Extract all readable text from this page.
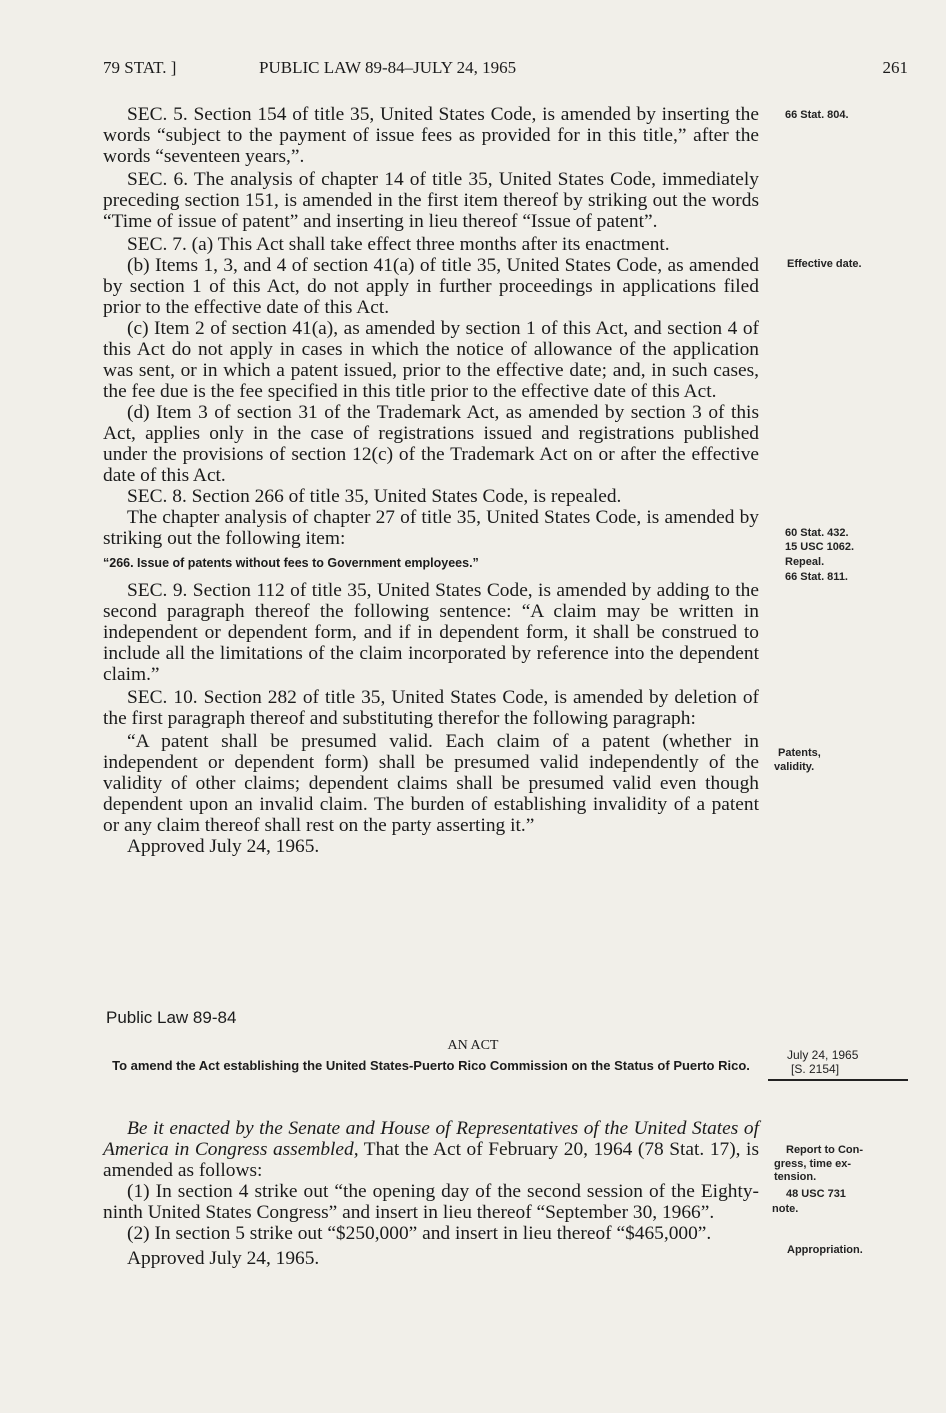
79 STAT. ]	PUBLIC LAW 89-84–JULY 24, 1965	261

SEC. 5. Section 154 of title 35, United States Code, is amended by inserting the words “subject to the payment of issue fees as provided for in this title,” after the words “seventeen years,”.

SEC. 6. The analysis of chapter 14 of title 35, United States Code, immediately preceding section 151, is amended in the first item thereof by striking out the words “Time of issue of patent” and inserting in lieu thereof “Issue of patent”.

SEC. 7. (a) This Act shall take effect three months after its enactment.

(b) Items 1, 3, and 4 of section 41(a) of title 35, United States Code, as amended by section 1 of this Act, do not apply in further proceedings in applications filed prior to the effective date of this Act.

(c) Item 2 of section 41(a), as amended by section 1 of this Act, and section 4 of this Act do not apply in cases in which the notice of allowance of the application was sent, or in which a patent issued, prior to the effective date; and, in such cases, the fee due is the fee specified in this title prior to the effective date of this Act.

(d) Item 3 of section 31 of the Trademark Act, as amended by section 3 of this Act, applies only in the case of registrations issued and registrations published under the provisions of section 12(c) of the Trademark Act on or after the effective date of this Act.

SEC. 8. Section 266 of title 35, United States Code, is repealed.

The chapter analysis of chapter 27 of title 35, United States Code, is amended by striking out the following item:

“266. Issue of patents without fees to Government employees.”

SEC. 9. Section 112 of title 35, United States Code, is amended by adding to the second paragraph thereof the following sentence: “A claim may be written in independent or dependent form, and if in dependent form, it shall be construed to include all the limitations of the claim incorporated by reference into the dependent claim.”

SEC. 10. Section 282 of title 35, United States Code, is amended by deletion of the first paragraph thereof and substituting therefor the following paragraph:

“A patent shall be presumed valid. Each claim of a patent (whether in independent or dependent form) shall be presumed valid independently of the validity of other claims; dependent claims shall be presumed valid even though dependent upon an invalid claim. The burden of establishing invalidity of a patent or any claim thereof shall rest on the party asserting it.”

Approved July 24, 1965.

66 Stat. 804.
Effective date.
60 Stat. 432.
15 USC 1062.
Repeal.
66 Stat. 811.
Patents,
validity.
Public Law 89-84
AN ACT
To amend the Act establishing the United States-Puerto Rico Commission on the Status of Puerto Rico.
July 24, 1965
[S. 2154]

Be it enacted by the Senate and House of Representatives of the United States of America in Congress assembled, That the Act of February 20, 1964 (78 Stat. 17), is amended as follows:

(1) In section 4 strike out “the opening day of the second session of the Eighty-ninth United States Congress” and insert in lieu thereof “September 30, 1966”.

(2) In section 5 strike out “$250,000” and insert in lieu thereof “$465,000”.

Approved July 24, 1965.

Report to Con-
gress, time ex-
tension.
48 USC 731
note.
Appropriation.
